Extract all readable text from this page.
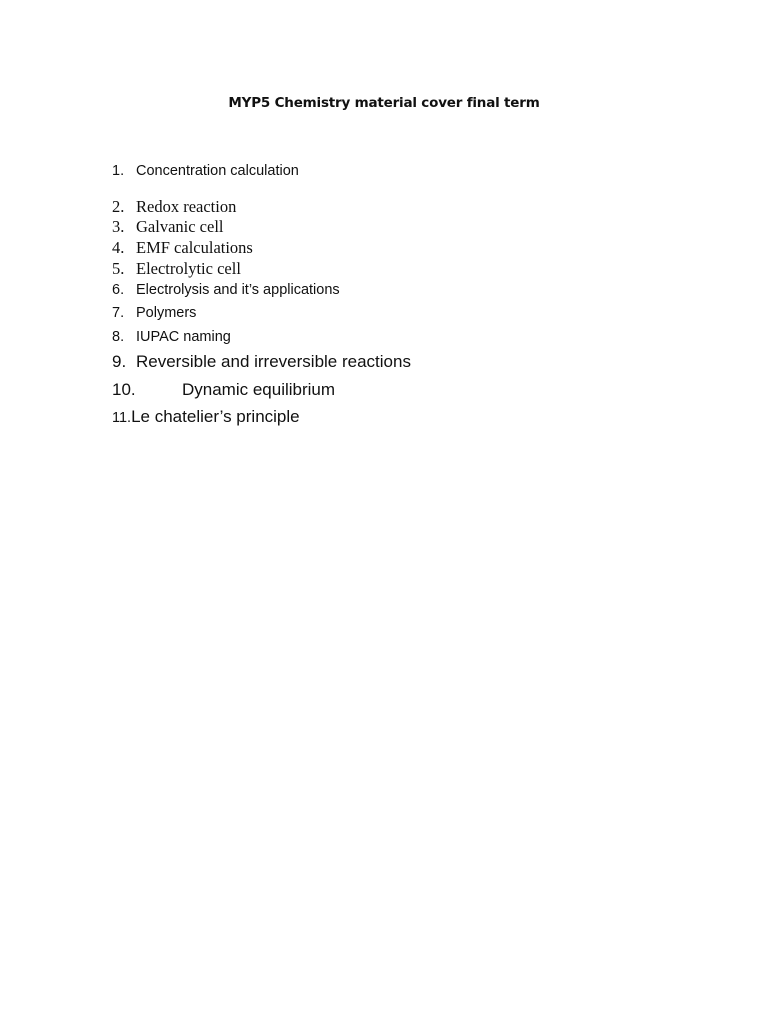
MYP5 Chemistry material cover final term
1. Concentration calculation
2. Redox reaction
3. Galvanic cell
4. EMF calculations
5. Electrolytic cell
6. Electrolysis and it’s applications
7. Polymers
8. IUPAC naming
9. Reversible and irreversible reactions
10.	Dynamic equilibrium
11.Le chatelier’s principle
